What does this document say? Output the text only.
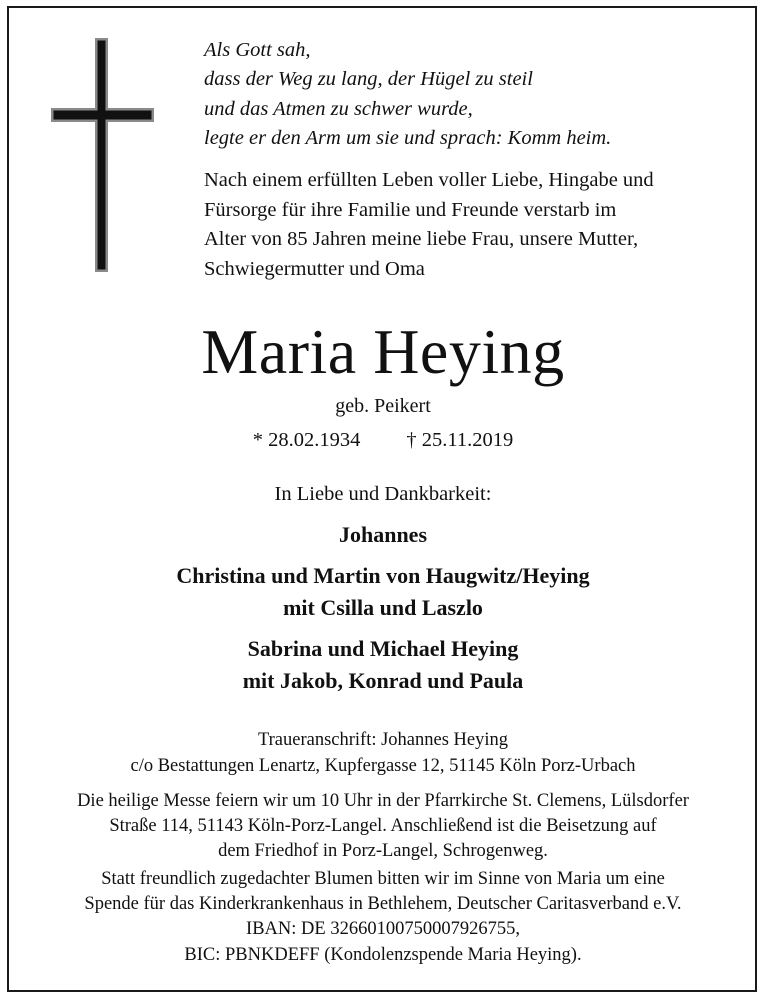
Als Gott sah,
dass der Weg zu lang, der Hügel zu steil
und das Atmen zu schwer wurde,
legte er den Arm um sie und sprach: Komm heim.
Nach einem erfüllten Leben voller Liebe, Hingabe und
Fürsorge für ihre Familie und Freunde verstarb im
Alter von 85 Jahren meine liebe Frau, unsere Mutter,
Schwiegermutter und Oma
Maria Heying
geb. Peikert
* 28.02.1934 † 25.11.2019
In Liebe und Dankbarkeit:
Johannes
Christina und Martin von Haugwitz/Heying
mit Csilla und Laszlo
Sabrina und Michael Heying
mit Jakob, Konrad und Paula
Traueranschrift: Johannes Heying
c/o Bestattungen Lenartz, Kupfergasse 12, 51145 Köln Porz-Urbach
Die heilige Messe feiern wir um 10 Uhr in der Pfarrkirche St. Clemens, Lülsdorfer
Straße 114, 51143 Köln-Porz-Langel. Anschließend ist die Beisetzung auf
dem Friedhof in Porz-Langel, Schrogenweg.
Statt freundlich zugedachter Blumen bitten wir im Sinne von Maria um eine
Spende für das Kinderkrankenhaus in Bethlehem, Deutscher Caritasverband e.V.
IBAN: DE 32660100750007926755,
BIC: PBNKDEFF (Kondolenzspende Maria Heying).
